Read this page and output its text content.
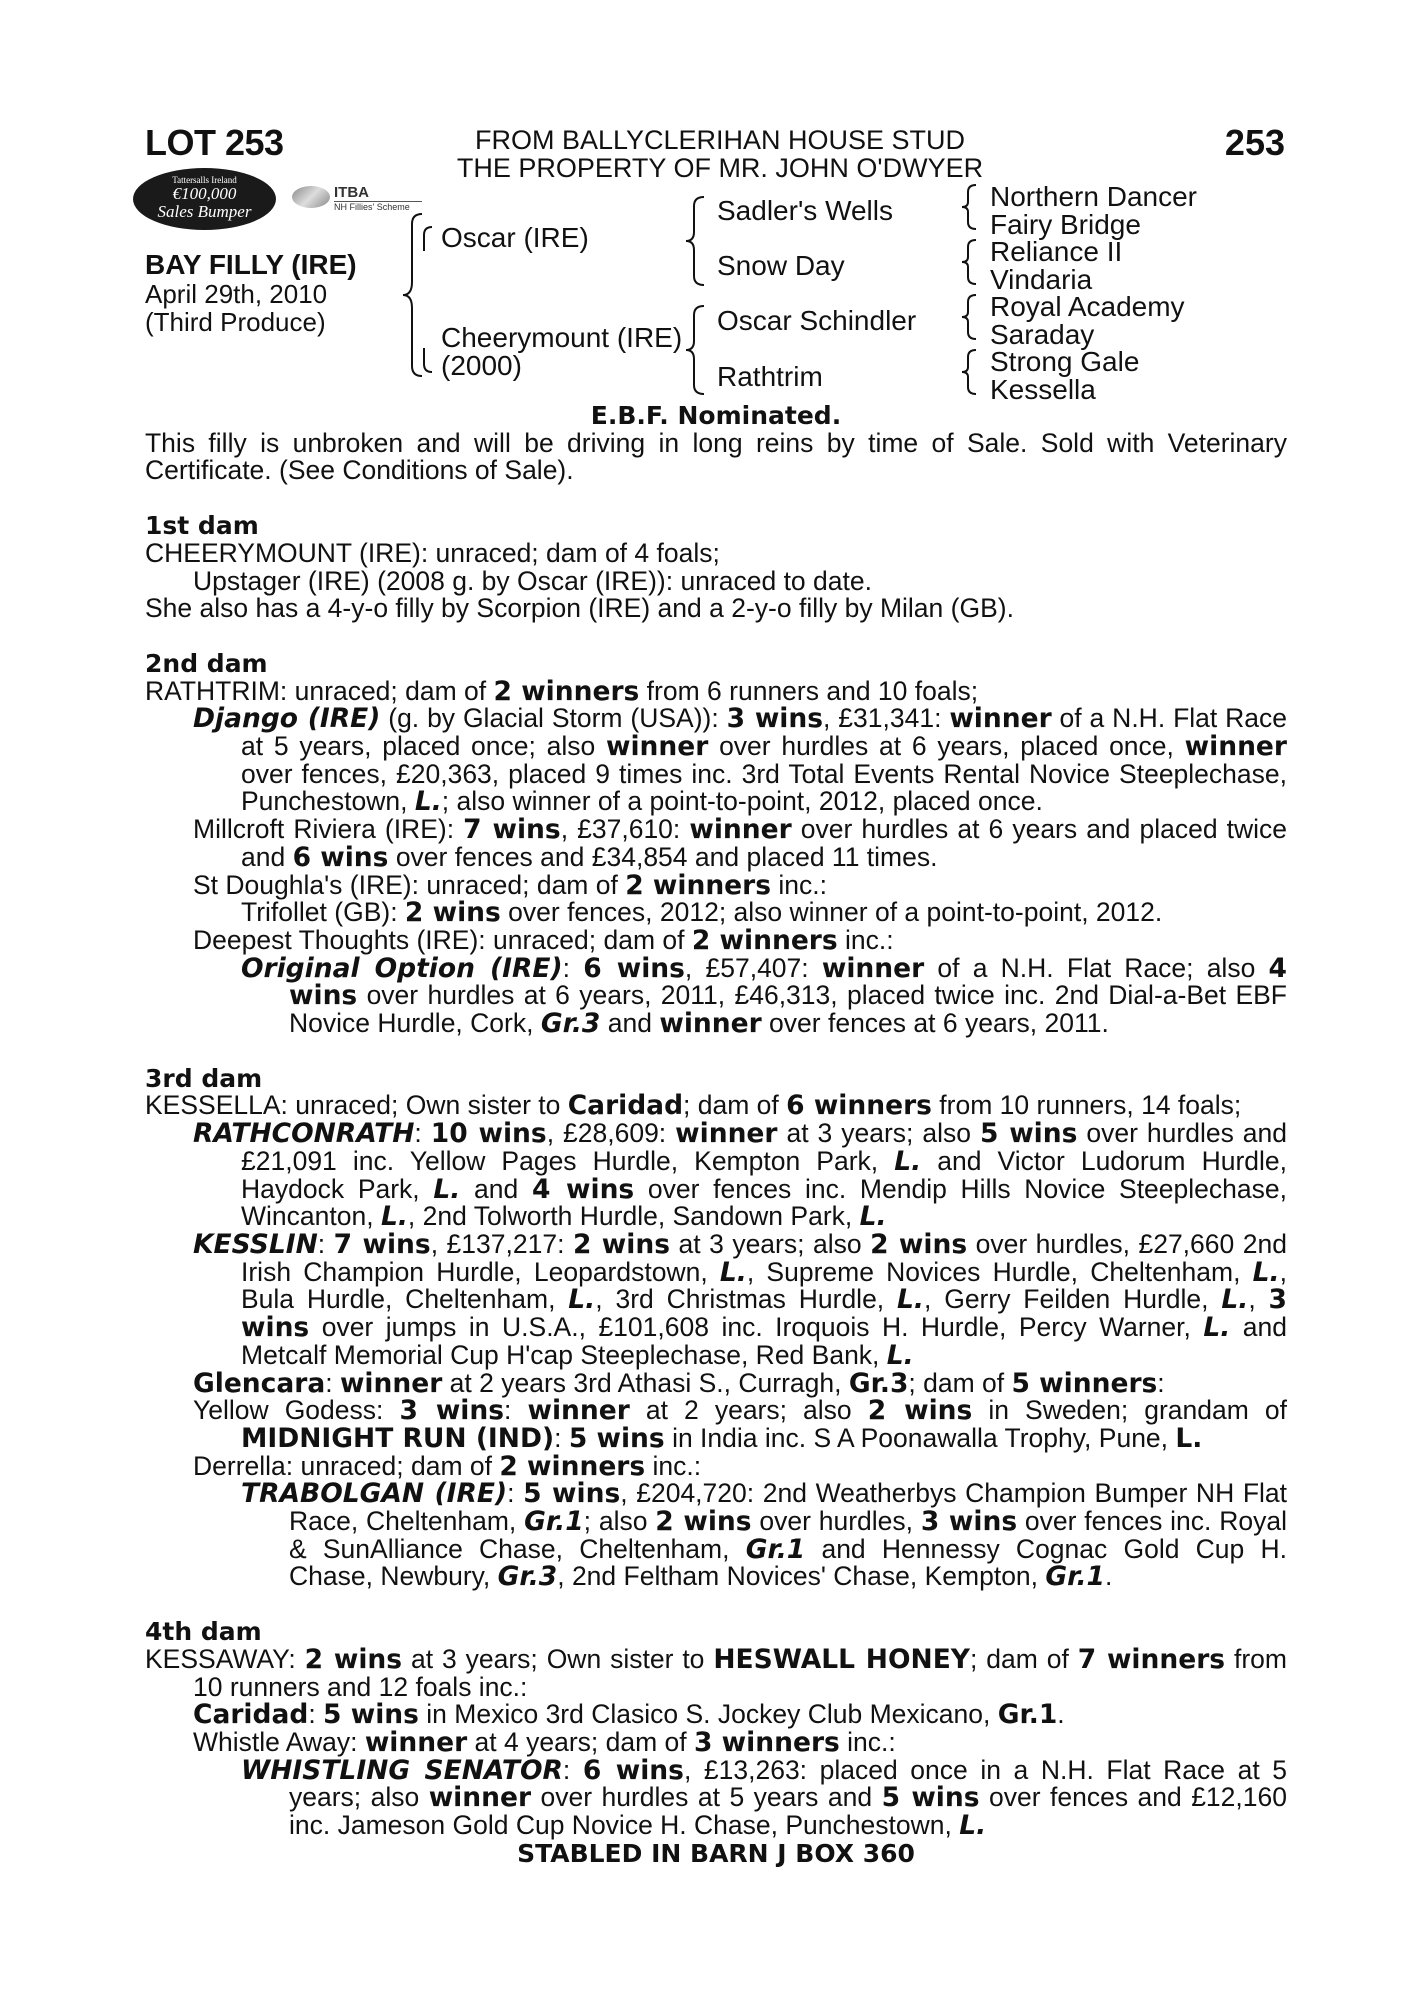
LOT 253	253
FROM BALLYCLERIHAN HOUSE STUD
THE PROPERTY OF MR. JOHN O'DWYER
Tattersalls Ireland
€100,000
Sales Bumper
ITBA
NH Fillies' Scheme
BAY FILLY (IRE)
April 29th, 2010
(Third Produce)
Oscar (IRE)
Cheerymount (IRE)
(2000)
Sadler's Wells
Snow Day
Oscar Schindler
Rathtrim
Northern Dancer
Fairy Bridge
Reliance II
Vindaria
Royal Academy
Saraday
Strong Gale
Kessella

E.B.F. Nominated.

This filly is unbroken and will be driving in long reins by time of Sale. Sold with Veterinary Certificate. (See Conditions of Sale).

1st dam

CHEERYMOUNT (IRE): unraced; dam of 4 foals;

Upstager (IRE) (2008 g. by Oscar (IRE)): unraced to date.

She also has a 4-y-o filly by Scorpion (IRE) and a 2-y-o filly by Milan (GB).

2nd dam

RATHTRIM: unraced; dam of 2 winners from 6 runners and 10 foals;

Django (IRE) (g. by Glacial Storm (USA)): 3 wins, £31,341: winner of a N.H. Flat Race at 5 years, placed once; also winner over hurdles at 6 years, placed once, winner over fences, £20,363, placed 9 times inc. 3rd Total Events Rental Novice Steeplechase, Punchestown, L.; also winner of a point-to-point, 2012, placed once.

Millcroft Riviera (IRE): 7 wins, £37,610: winner over hurdles at 6 years and placed twice and 6 wins over fences and £34,854 and placed 11 times.

St Doughla's (IRE): unraced; dam of 2 winners inc.:

Trifollet (GB): 2 wins over fences, 2012; also winner of a point-to-point, 2012.

Deepest Thoughts (IRE): unraced; dam of 2 winners inc.:

Original Option (IRE): 6 wins, £57,407: winner of a N.H. Flat Race; also 4 wins over hurdles at 6 years, 2011, £46,313, placed twice inc. 2nd Dial-a-Bet EBF Novice Hurdle, Cork, Gr.3 and winner over fences at 6 years, 2011.

3rd dam

KESSELLA: unraced; Own sister to Caridad; dam of 6 winners from 10 runners, 14 foals;

RATHCONRATH: 10 wins, £28,609: winner at 3 years; also 5 wins over hurdles and £21,091 inc. Yellow Pages Hurdle, Kempton Park, L. and Victor Ludorum Hurdle, Haydock Park, L. and 4 wins over fences inc. Mendip Hills Novice Steeplechase, Wincanton, L., 2nd Tolworth Hurdle, Sandown Park, L.

KESSLIN: 7 wins, £137,217: 2 wins at 3 years; also 2 wins over hurdles, £27,660 2nd Irish Champion Hurdle, Leopardstown, L., Supreme Novices Hurdle, Cheltenham, L., Bula Hurdle, Cheltenham, L., 3rd Christmas Hurdle, L., Gerry Feilden Hurdle, L., 3 wins over jumps in U.S.A., £101,608 inc. Iroquois H. Hurdle, Percy Warner, L. and Metcalf Memorial Cup H'cap Steeplechase, Red Bank, L.

Glencara: winner at 2 years 3rd Athasi S., Curragh, Gr.3; dam of 5 winners:

Yellow Godess: 3 wins: winner at 2 years; also 2 wins in Sweden; grandam of MIDNIGHT RUN (IND): 5 wins in India inc. S A Poonawalla Trophy, Pune, L.

Derrella: unraced; dam of 2 winners inc.:

TRABOLGAN (IRE): 5 wins, £204,720: 2nd Weatherbys Champion Bumper NH Flat Race, Cheltenham, Gr.1; also 2 wins over hurdles, 3 wins over fences inc. Royal & SunAlliance Chase, Cheltenham, Gr.1 and Hennessy Cognac Gold Cup H. Chase, Newbury, Gr.3, 2nd Feltham Novices' Chase, Kempton, Gr.1.

4th dam

KESSAWAY: 2 wins at 3 years; Own sister to HESWALL HONEY; dam of 7 winners from 10 runners and 12 foals inc.:

Caridad: 5 wins in Mexico 3rd Clasico S. Jockey Club Mexicano, Gr.1.

Whistle Away: winner at 4 years; dam of 3 winners inc.:

WHISTLING SENATOR: 6 wins, £13,263: placed once in a N.H. Flat Race at 5 years; also winner over hurdles at 5 years and 5 wins over fences and £12,160 inc. Jameson Gold Cup Novice H. Chase, Punchestown, L.

STABLED IN BARN J BOX 360
